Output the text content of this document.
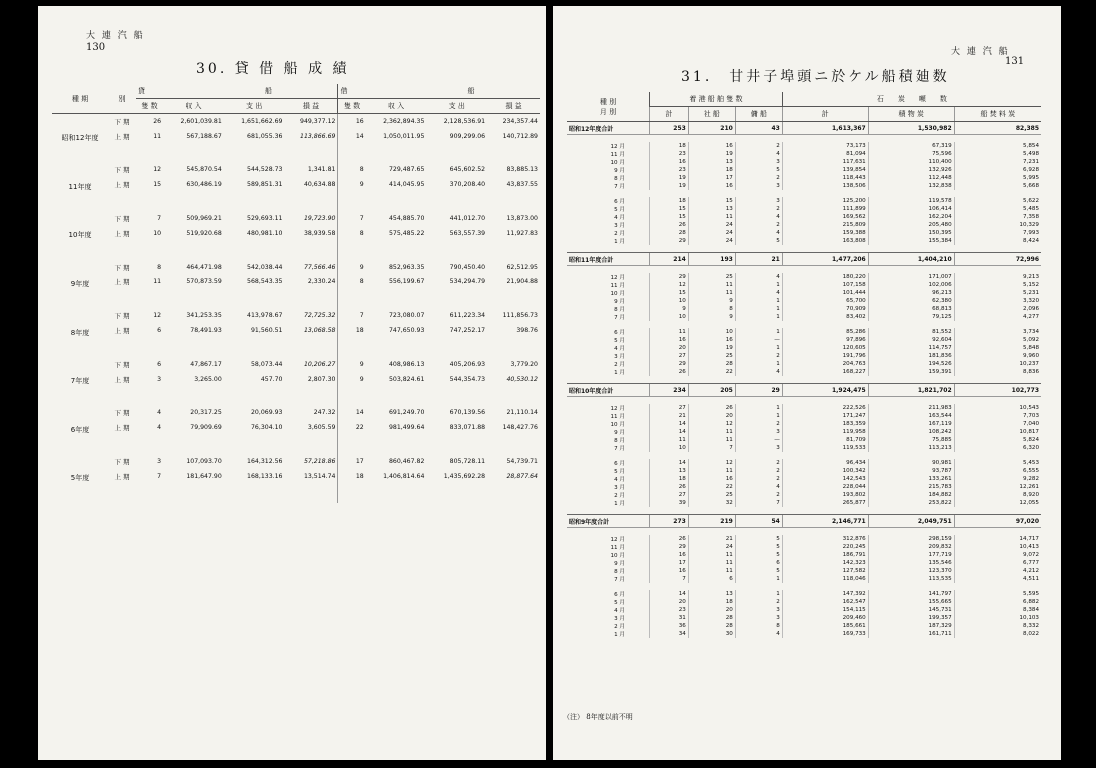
大 連 汽 船
130
30. 貸 借 船 成 績
種 期	別	貸 船				借 船			
		隻 数	収 入	支 出	損 益	隻 数	収 入	支 出	損 益
昭和12年度	下 期	26	2,601,039.81	1,651,662.69	949,377.12	16	2,362,894.35	2,128,536.91	234,357.44
	上 期	11	567,188.67	681,055.36	113,866.69	14	1,050,011.95	909,299.06	140,712.89
11年度	下 期	12	545,870.54	544,528.73	1,341.81	8	729,487.65	645,602.52	83,885.13
	上 期	15	630,486.19	589,851.31	40,634.88	9	414,045.95	370,208.40	43,837.55
10年度	下 期	7	509,969.21	529,693.11	19,723.90	7	454,885.70	441,012.70	13,873.00
	上 期	10	519,920.68	480,981.10	38,939.58	8	575,485.22	563,557.39	11,927.83
9年度	下 期	8	464,471.98	542,038.44	77,566.46	9	852,963.35	790,450.40	62,512.95
	上 期	11	570,873.59	568,543.35	2,330.24	8	556,199.67	534,294.79	21,904.88
8年度	下 期	12	341,253.35	413,978.67	72,725.32	7	723,080.07	611,223.34	111,856.73
	上 期	6	78,491.93	91,560.51	13,068.58	18	747,650.93	747,252.17	398.76
7年度	下 期	6	47,867.17	58,073.44	10,206.27	9	408,986.13	405,206.93	3,779.20
	上 期	3	3,265.00	457.70	2,807.30	9	503,824.61	544,354.73	40,530.12
6年度	下 期	4	20,317.25	20,069.93	247.32	14	691,249.70	670,139.56	21,110.14
	上 期	4	79,909.69	76,304.10	3,605.59	22	981,499.64	833,071.88	148,427.76
5年度	下 期	3	107,093.70	164,312.56	57,218.86	17	860,467.82	805,728.11	54,739.71
	上 期	7	181,647.90	168,133.16	13,514.74	18	1,406,814.64	1,435,692.28	28,877.64
大 連 汽 船
131
31.　甘井子埠頭ニ於ケル船積廸数
種 別
月 別	着 港 船 舶 隻 数			石　　炭　　噸　　数		
	計	社 船	傭 船	計	積 物 炭	船 焚 料 炭
昭和12年度合計	253	210	43	1,613,367	1,530,982	82,385

12 月	18	16	2	73,173	67,319	5,854
11 月	23	19	4	81,094	75,596	5,498
10 月	16	13	3	117,631	110,400	7,231
9 月	23	18	5	139,854	132,926	6,928
8 月	19	17	2	118,443	112,448	5,995
7 月	19	16	3	138,506	132,838	5,668

6 月	18	15	3	125,200	119,578	5,622
5 月	15	13	2	111,899	106,414	5,485
4 月	15	11	4	169,562	162,204	7,358
3 月	26	24	2	215,809	205,480	10,329
2 月	28	24	4	159,388	150,395	7,993
1 月	29	24	5	163,808	155,384	8,424

昭和11年度合計	214	193	21	1,477,206	1,404,210	72,996

12 月	29	25	4	180,220	171,007	9,213
11 月	12	11	1	107,158	102,006	5,152
10 月	15	11	4	101,444	96,213	5,231
9 月	10	9	1	65,700	62,380	3,320
8 月	9	8	1	70,909	68,813	2,096
7 月	10	9	1	83,402	79,125	4,277

6 月	11	10	1	85,286	81,552	3,734
5 月	16	16	—	97,896	92,604	5,092
4 月	20	19	1	120,605	114,757	5,848
3 月	27	25	2	191,796	181,836	9,960
2 月	29	28	1	204,763	194,526	10,237
1 月	26	22	4	168,227	159,391	8,836

昭和10年度合計	234	205	29	1,924,475	1,821,702	102,773

12 月	27	26	1	222,526	211,983	10,543
11 月	21	20	1	171,247	163,544	7,703
10 月	14	12	2	183,359	167,119	7,040
9 月	14	11	3	119,958	108,242	10,817
8 月	11	11	—	81,709	75,885	5,824
7 月	10	7	3	119,533	113,213	6,320

6 月	14	12	2	96,434	90,981	5,453
5 月	13	11	2	100,342	93,787	6,555
4 月	18	16	2	142,543	133,261	9,282
3 月	26	22	4	228,044	215,783	12,261
2 月	27	25	2	193,802	184,882	8,920
1 月	39	32	7	265,877	253,822	12,055

昭和9年度合計	273	219	54	2,146,771	2,049,751	97,020

12 月	26	21	5	312,876	298,159	14,717
11 月	29	24	5	220,245	209,832	10,413
10 月	16	11	5	186,791	177,719	9,072
9 月	17	11	6	142,323	135,546	6,777
8 月	16	11	5	127,582	123,370	4,212
7 月	7	6	1	118,046	113,535	4,511

6 月	14	13	1	147,392	141,797	5,595
5 月	20	18	2	162,547	155,665	6,882
4 月	23	20	3	154,115	145,731	8,384
3 月	31	28	3	209,460	199,357	10,103
2 月	36	28	8	185,661	187,329	8,332
1 月	34	30	4	169,733	161,711	8,022

（注） 8年度以前不明
